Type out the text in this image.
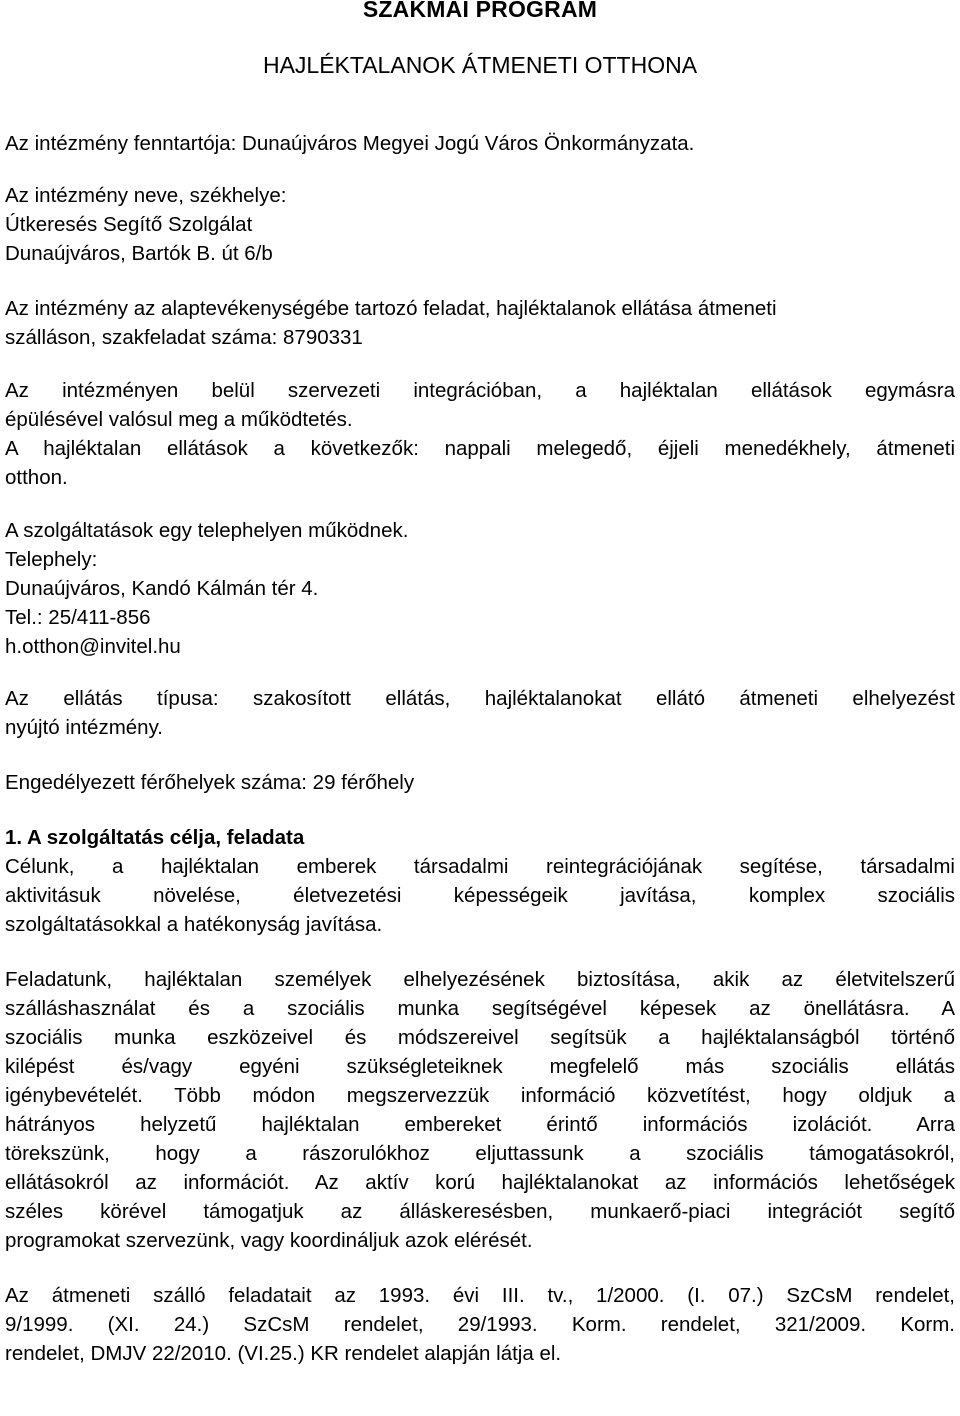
SZAKMAI PROGRAM
HAJLÉKTALANOK ÁTMENETI OTTHONA

Az intézmény fenntartója: Dunaújváros Megyei Jogú Város Önkormányzata.

Az intézmény neve, székhelye:
Útkeresés Segítő Szolgálat
Dunaújváros, Bartók B. út 6/b
Az intézmény az alaptevékenységébe tartozó feladat, hajléktalanok ellátása átmeneti
szálláson, szakfeladat száma: 8790331
Az intézményen belül szervezeti integrációban, a hajléktalan ellátások egymásra
épülésével valósul meg a működtetés.
A hajléktalan ellátások a következők: nappali melegedő, éjjeli menedékhely, átmeneti
otthon.
A szolgáltatások egy telephelyen működnek.
Telephely:
Dunaújváros, Kandó Kálmán tér 4.
Tel.: 25/411-856
h.otthon@invitel.hu
Az ellátás típusa: szakosított ellátás, hajléktalanokat ellátó átmeneti elhelyezést
nyújtó intézmény.

Engedélyezett férőhelyek száma: 29 férőhely

1. A szolgáltatás célja, feladata

Célunk, a hajléktalan emberek társadalmi reintegrációjának segítése, társadalmi
aktivitásuk növelése, életvezetési képességeik javítása, komplex szociális
szolgáltatásokkal a hatékonyság javítása.
Feladatunk, hajléktalan személyek elhelyezésének biztosítása, akik az életvitelszerű
szálláshasználat és a szociális munka segítségével képesek az önellátásra. A
szociális munka eszközeivel és módszereivel segítsük a hajléktalanságból történő
kilépést és/vagy egyéni szükségleteiknek megfelelő más szociális ellátás
igénybevételét. Több módon megszervezzük információ közvetítést, hogy oldjuk a
hátrányos helyzetű hajléktalan embereket érintő információs izolációt. Arra
törekszünk, hogy a rászorulókhoz eljuttassunk a szociális támogatásokról,
ellátásokról az információt. Az aktív korú hajléktalanokat az információs lehetőségek
széles körével támogatjuk az álláskeresésben, munkaerő-piaci integrációt segítő
programokat szervezünk, vagy koordináljuk azok elérését.
Az átmeneti szálló feladatait az 1993. évi III. tv., 1/2000. (I. 07.) SzCsM rendelet,
9/1999. (XI. 24.) SzCsM rendelet, 29/1993. Korm. rendelet, 321/2009. Korm.
rendelet, DMJV 22/2010. (VI.25.) KR rendelet alapján látja el.
